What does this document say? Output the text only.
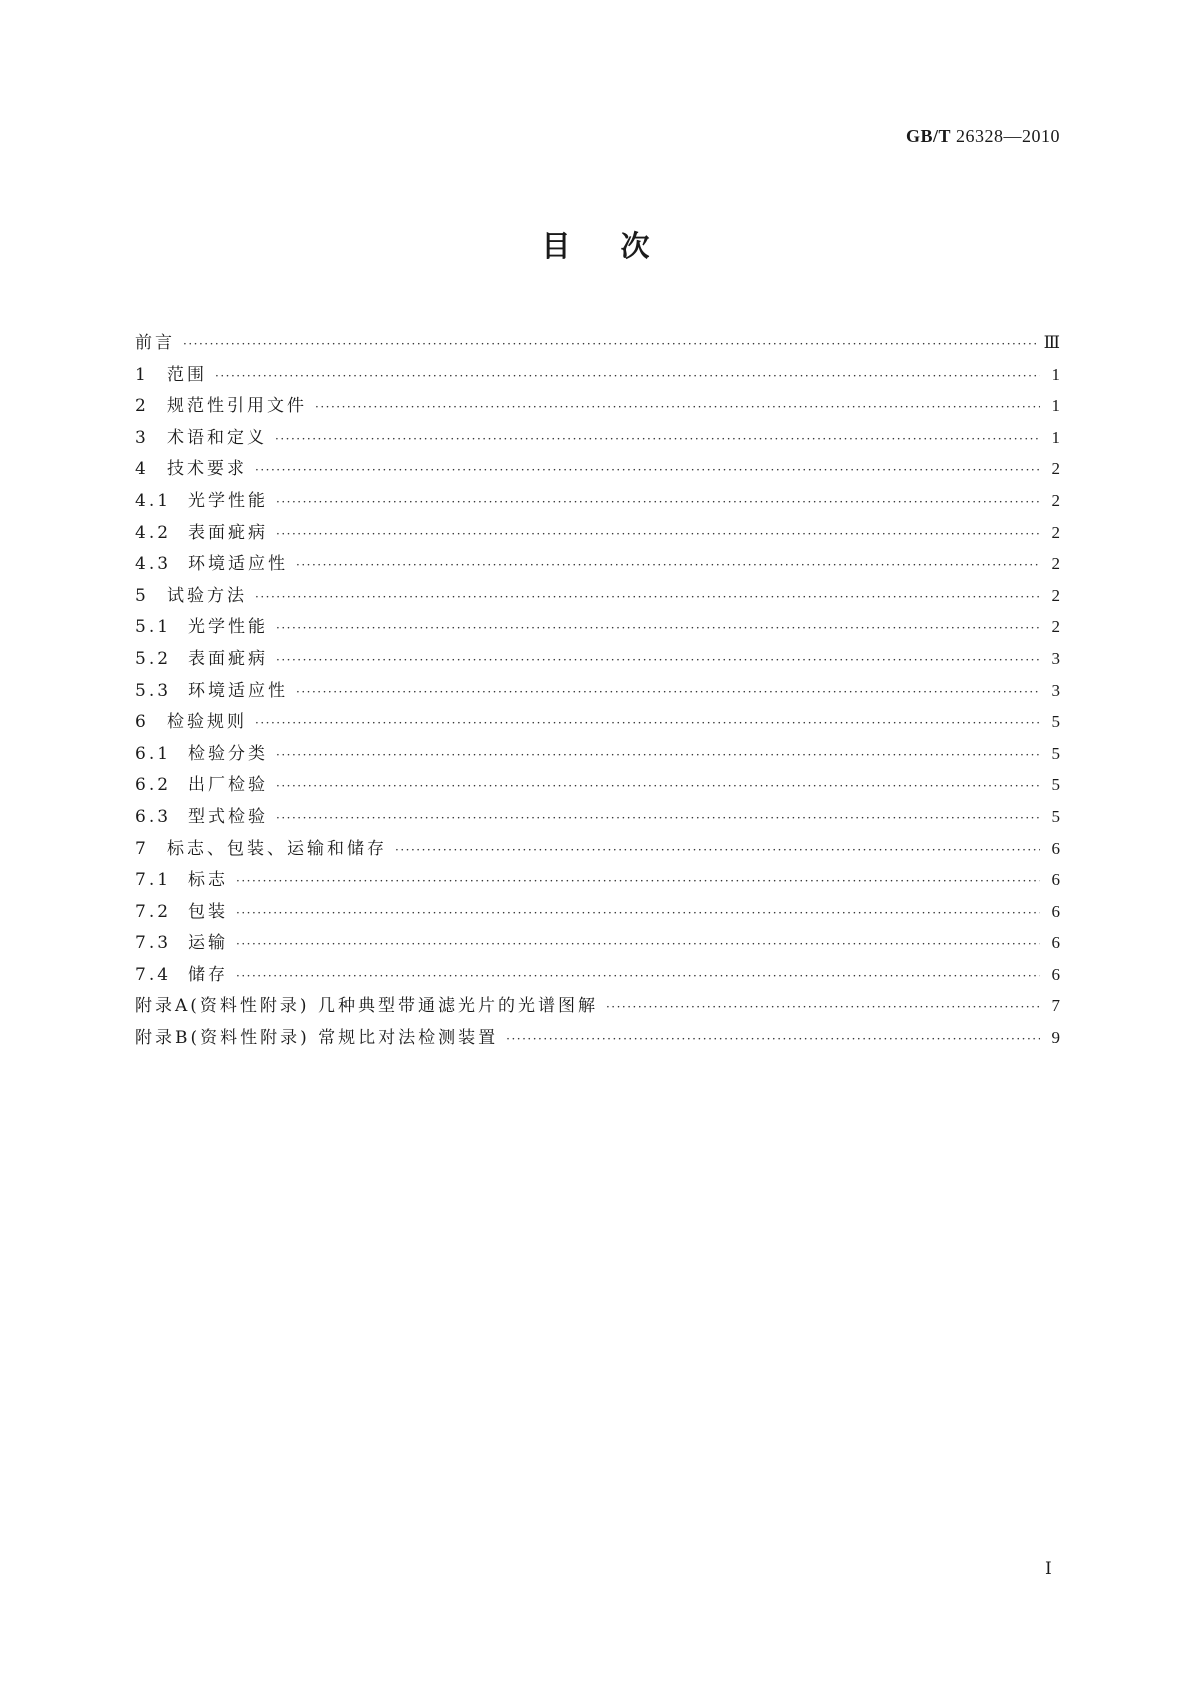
GB/T 26328—2010
目次
前言 ·····	Ⅲ
1	范围 ·····	1
2	规范性引用文件 ·····	1
3	术语和定义 ·····	1
4	技术要求 ·····	2
4.1 光学性能 ·····	2
4.2 表面疵病 ·····	2
4.3 环境适应性 ·····	2
5	试验方法 ·····	2
5.1 光学性能 ·····	2
5.2 表面疵病 ·····	3
5.3 环境适应性 ·····	3
6	检验规则 ·····	5
6.1 检验分类 ·····	5
6.2 出厂检验 ·····	5
6.3 型式检验 ·····	5
7	标志、包装、运输和储存 ·····	6
7.1 标志 ·····	6
7.2 包装 ·····	6
7.3 运输 ·····	6
7.4 储存 ·····	6
附录A(资料性附录) 几种典型带通滤光片的光谱图解 ·····	7
附录B(资料性附录) 常规比对法检测装置 ·····	9
Ⅰ
